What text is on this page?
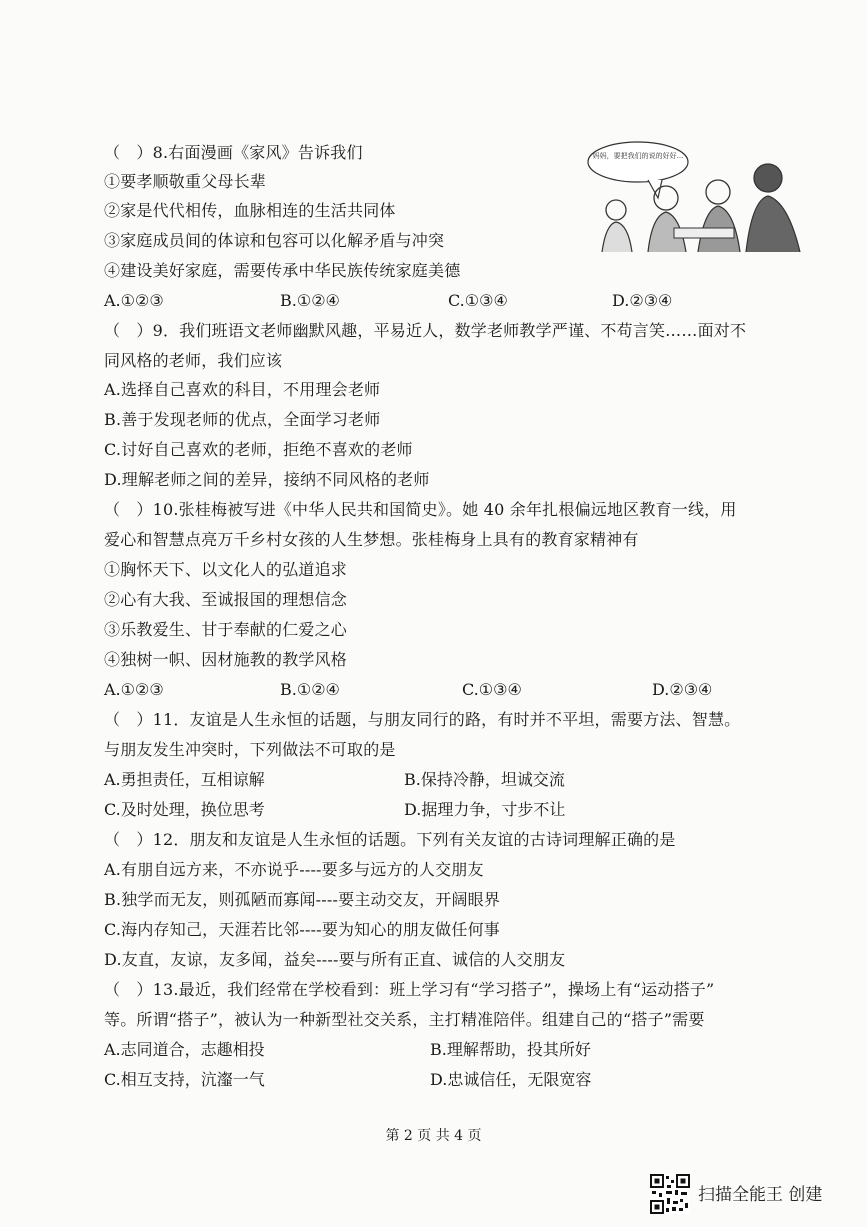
（　）8.右面漫画《家风》告诉我们
①要孝顺敬重父母长辈
②家是代代相传，血脉相连的生活共同体
③家庭成员间的体谅和包容可以化解矛盾与冲突
④建设美好家庭，需要传承中华民族传统家庭美德
A.①②③	B.①②④	C.①③④	D.②③④
妈妈，要把我们的说的好好...
（　）9．我们班语文老师幽默风趣，平易近人，数学老师教学严谨、不苟言笑……面对不
同风格的老师，我们应该
A.选择自己喜欢的科目，不用理会老师
B.善于发现老师的优点，全面学习老师
C.讨好自己喜欢的老师，拒绝不喜欢的老师
D.理解老师之间的差异，接纳不同风格的老师
（　）10.张桂梅被写进《中华人民共和国简史》。她 40 余年扎根偏远地区教育一线，用
爱心和智慧点亮万千乡村女孩的人生梦想。张桂梅身上具有的教育家精神有
①胸怀天下、以文化人的弘道追求
②心有大我、至诚报国的理想信念
③乐教爱生、甘于奉献的仁爱之心
④独树一帜、因材施教的教学风格
A.①②③	B.①②④	C.①③④	D.②③④
（　）11．友谊是人生永恒的话题，与朋友同行的路，有时并不平坦，需要方法、智慧。
与朋友发生冲突时，下列做法不可取的是
A.勇担责任，互相谅解	B.保持冷静，坦诚交流
C.及时处理，换位思考	D.据理力争，寸步不让
（　）12．朋友和友谊是人生永恒的话题。下列有关友谊的古诗词理解正确的是
A.有朋自远方来，不亦说乎----要多与远方的人交朋友
B.独学而无友，则孤陋而寡闻----要主动交友，开阔眼界
C.海内存知己，天涯若比邻----要为知心的朋友做任何事
D.友直，友谅，友多闻，益矣----要与所有正直、诚信的人交朋友
（　）13.最近，我们经常在学校看到：班上学习有“学习搭子”，操场上有“运动搭子”
等。所谓“搭子”，被认为一种新型社交关系，主打精准陪伴。组建自己的“搭子”需要
A.志同道合，志趣相投	B.理解帮助，投其所好
C.相互支持，沆瀣一气	D.忠诚信任，无限宽容
第 2 页 共 4 页
扫描全能王 创建
